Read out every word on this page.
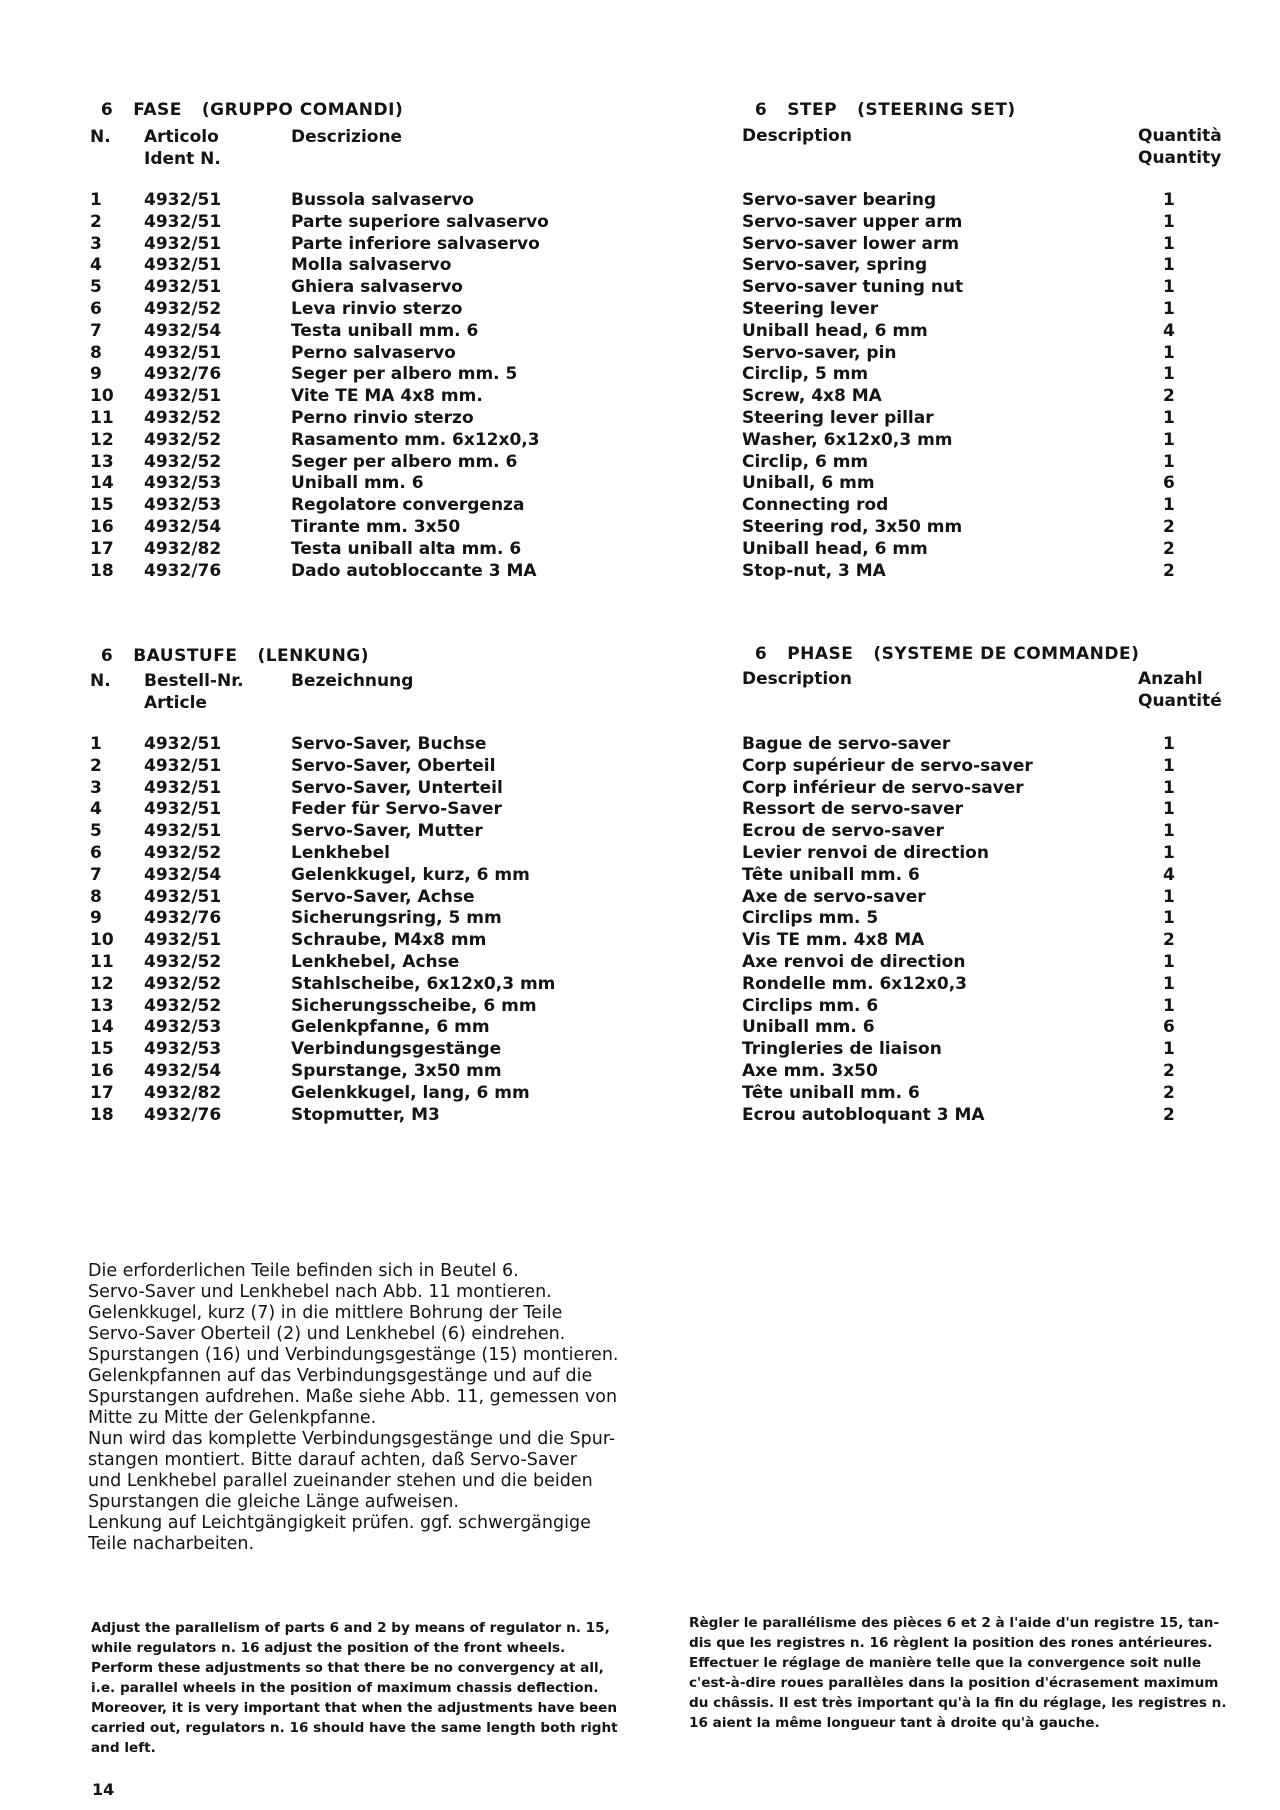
6 FASE (GRUPPO COMANDI)

N. Articolo
Ident N.
Descrizione
1 4932/51	Bussola salvaservo
2 4932/51	Parte superiore salvaservo
3 4932/51	Parte inferiore salvaservo
4 4932/51	Molla salvaservo
5 4932/51	Ghiera salvaservo
6 4932/52	Leva rinvio sterzo
7 4932/54	Testa uniball mm. 6
8 4932/51	Perno salvaservo
9 4932/76	Seger per albero mm. 5
10 4932/51	Vite TE MA 4x8 mm.
11 4932/52	Perno rinvio sterzo
12 4932/52	Rasamento mm. 6x12x0,3
13 4932/52	Seger per albero mm. 6
14 4932/53	Uniball mm. 6
15 4932/53	Regolatore convergenza
16 4932/54	Tirante mm. 3x50
17 4932/82	Testa uniball alta mm. 6
18 4932/76	Dado autobloccante 3 MA

6 STEP (STEERING SET)

Description	Quantità
Quantity
Servo-saver bearing	1
Servo-saver upper arm	1
Servo-saver lower arm	1
Servo-saver, spring	1
Servo-saver tuning nut	1
Steering lever	1
Uniball head, 6 mm	4
Servo-saver, pin	1
Circlip, 5 mm	1
Screw, 4x8 MA	2
Steering lever pillar	1
Washer, 6x12x0,3 mm	1
Circlip, 6 mm	1
Uniball, 6 mm	6
Connecting rod	1
Steering rod, 3x50 mm	2
Uniball head, 6 mm	2
Stop-nut, 3 MA	2

6 BAUSTUFE (LENKUNG)

N. Bestell-Nr.
Article
Bezeichnung
1 4932/51	Servo-Saver, Buchse
2 4932/51	Servo-Saver, Oberteil
3 4932/51	Servo-Saver, Unterteil
4 4932/51	Feder für Servo-Saver
5 4932/51	Servo-Saver, Mutter
6 4932/52	Lenkhebel
7 4932/54	Gelenkkugel, kurz, 6 mm
8 4932/51	Servo-Saver, Achse
9 4932/76	Sicherungsring, 5 mm
10 4932/51	Schraube, M4x8 mm
11 4932/52	Lenkhebel, Achse
12 4932/52	Stahlscheibe, 6x12x0,3 mm
13 4932/52	Sicherungsscheibe, 6 mm
14 4932/53	Gelenkpfanne, 6 mm
15 4932/53	Verbindungsgestänge
16 4932/54	Spurstange, 3x50 mm
17 4932/82	Gelenkkugel, lang, 6 mm
18 4932/76	Stopmutter, M3

6 PHASE (SYSTEME DE COMMANDE)

Description	Anzahl
Quantité
Bague de servo-saver	1
Corp supérieur de servo-saver	1
Corp inférieur de servo-saver	1
Ressort de servo-saver	1
Ecrou de servo-saver	1
Levier renvoi de direction	1
Tête uniball mm. 6	4
Axe de servo-saver	1
Circlips mm. 5	1
Vis TE mm. 4x8 MA	2
Axe renvoi de direction	1
Rondelle mm. 6x12x0,3	1
Circlips mm. 6	1
Uniball mm. 6	6
Tringleries de liaison	1
Axe mm. 3x50	2
Tête uniball mm. 6	2
Ecrou autobloquant 3 MA	2
Die erforderlichen Teile befinden sich in Beutel 6.
Servo-Saver und Lenkhebel nach Abb. 11 montieren.
Gelenkkugel, kurz (7) in die mittlere Bohrung der Teile
Servo-Saver Oberteil (2) und Lenkhebel (6) eindrehen.
Spurstangen (16) und Verbindungsgestänge (15) montieren.
Gelenkpfannen auf das Verbindungsgestänge und auf die
Spurstangen aufdrehen. Maße siehe Abb. 11, gemessen von
Mitte zu Mitte der Gelenkpfanne.
Nun wird das komplette Verbindungsgestänge und die Spur-
stangen montiert. Bitte darauf achten, daß Servo-Saver
und Lenkhebel parallel zueinander stehen und die beiden
Spurstangen die gleiche Länge aufweisen.
Lenkung auf Leichtgängigkeit prüfen. ggf. schwergängige
Teile nacharbeiten.
Adjust the parallelism of parts 6 and 2 by means of regulator n. 15,
while regulators n. 16 adjust the position of the front wheels.
Perform these adjustments so that there be no convergency at all,
i.e. parallel wheels in the position of maximum chassis deflection.
Moreover, it is very important that when the adjustments have been
carried out, regulators n. 16 should have the same length both right
and left.
Règler le parallélisme des pièces 6 et 2 à l'aide d'un registre 15, tan-
dis que les registres n. 16 règlent la position des rones antérieures.
Effectuer le réglage de manière telle que la convergence soit nulle
c'est-à-dire roues parallèles dans la position d'écrasement maximum
du châssis. Il est très important qu'à la fin du réglage, les registres n.
16 aient la même longueur tant à droite qu'à gauche.
14
